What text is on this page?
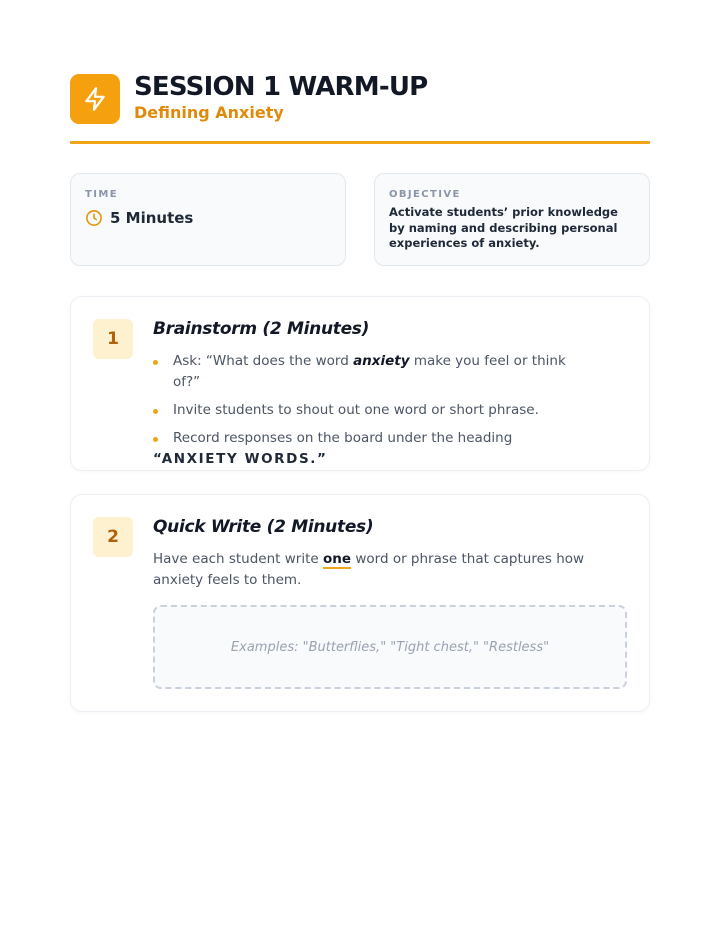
SESSION 1 WARM-UP
Defining Anxiety
TIME
5 Minutes
OBJECTIVE
Activate students’ prior knowledge by naming and describing personal experiences of anxiety.
1	Brainstorm (2 Minutes)
Ask: “What does the word anxiety make you feel or think of?”
Invite students to shout out one word or short phrase.
Record responses on the board under the heading “ANXIETY WORDS.”
2	Quick Write (2 Minutes)
Have each student write one word or phrase that captures how anxiety feels to them.
Examples: "Butterflies," "Tight chest," "Restless"
